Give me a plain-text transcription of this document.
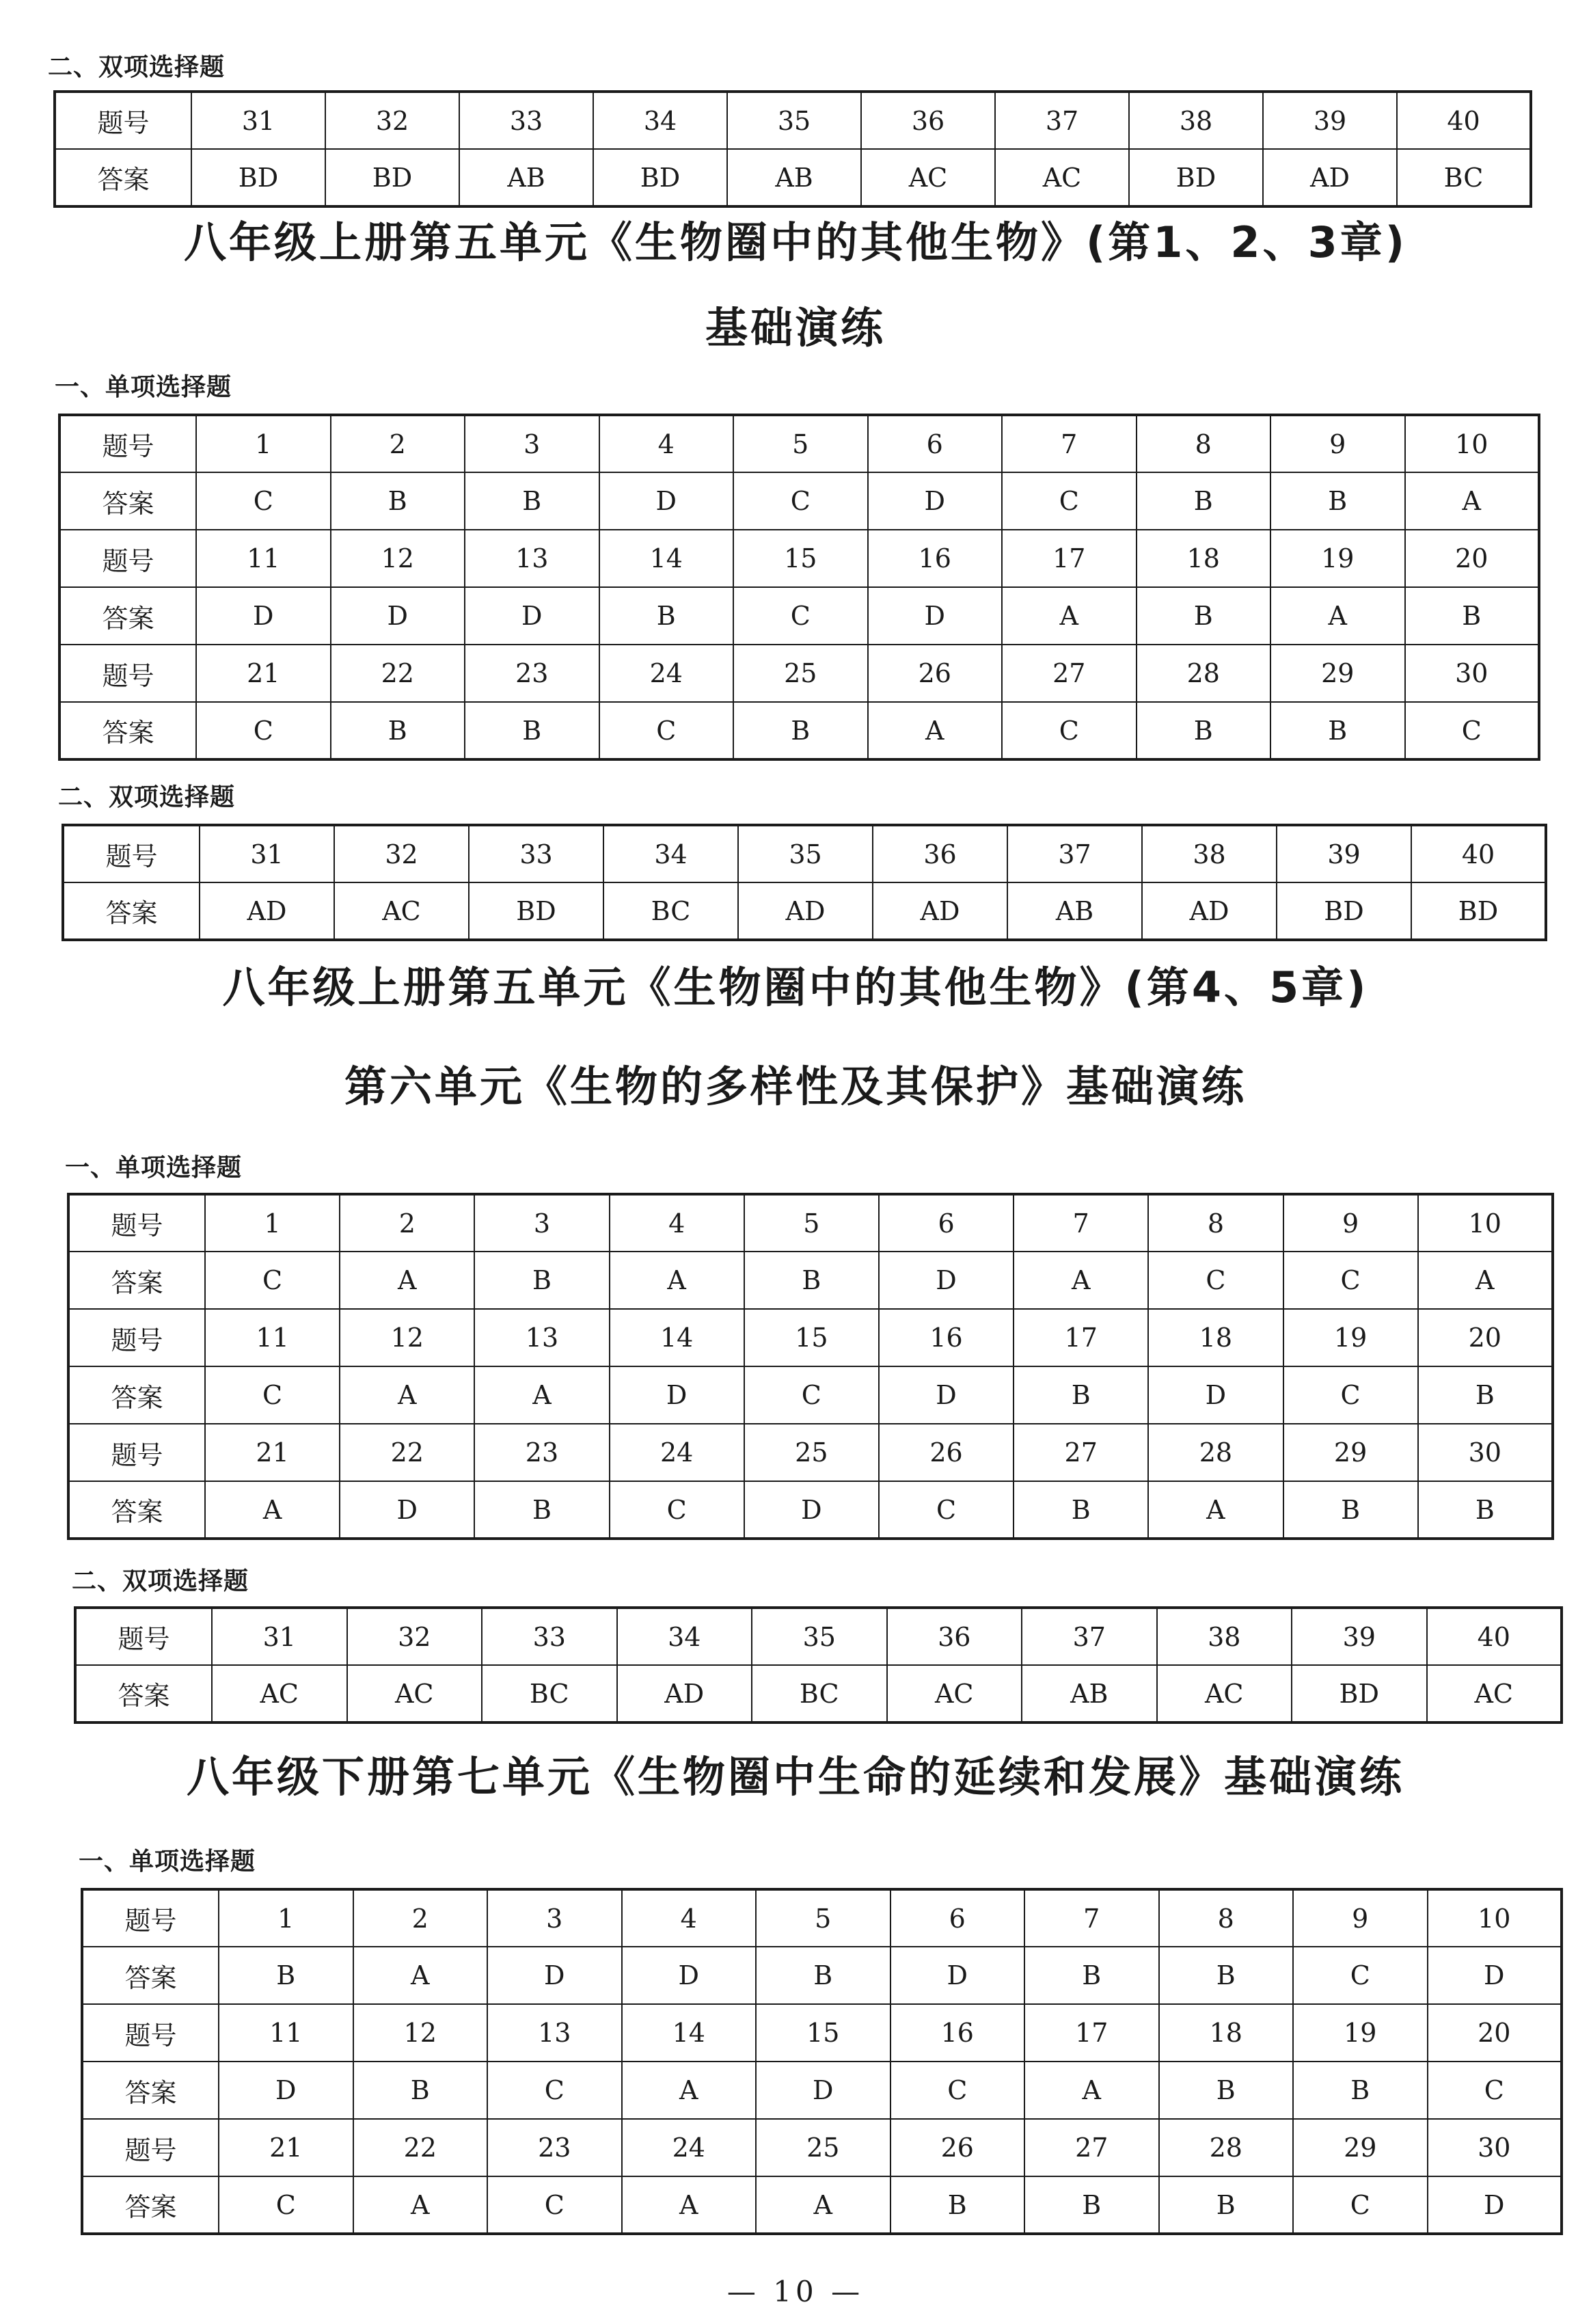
二、双项选择题
题号	31	32	33	34	35	36	37	38	39	40
答案	BD	BD	AB	BD	AB	AC	AC	BD	AD	BC
八年级上册第五单元《生物圈中的其他生物》(第1、2、3章)
基础演练
一、单项选择题
题号	1	2	3	4	5	6	7	8	9	10
答案	C	B	B	D	C	D	C	B	B	A
题号	11	12	13	14	15	16	17	18	19	20
答案	D	D	D	B	C	D	A	B	A	B
题号	21	22	23	24	25	26	27	28	29	30
答案	C	B	B	C	B	A	C	B	B	C
二、双项选择题
题号	31	32	33	34	35	36	37	38	39	40
答案	AD	AC	BD	BC	AD	AD	AB	AD	BD	BD
八年级上册第五单元《生物圈中的其他生物》(第4、5章)
第六单元《生物的多样性及其保护》基础演练
一、单项选择题
题号	1	2	3	4	5	6	7	8	9	10
答案	C	A	B	A	B	D	A	C	C	A
题号	11	12	13	14	15	16	17	18	19	20
答案	C	A	A	D	C	D	B	D	C	B
题号	21	22	23	24	25	26	27	28	29	30
答案	A	D	B	C	D	C	B	A	B	B
二、双项选择题
题号	31	32	33	34	35	36	37	38	39	40
答案	AC	AC	BC	AD	BC	AC	AB	AC	BD	AC
八年级下册第七单元《生物圈中生命的延续和发展》基础演练
一、单项选择题
题号	1	2	3	4	5	6	7	8	9	10
答案	B	A	D	D	B	D	B	B	C	D
题号	11	12	13	14	15	16	17	18	19	20
答案	D	B	C	A	D	C	A	B	B	C
题号	21	22	23	24	25	26	27	28	29	30
答案	C	A	C	A	A	B	B	B	C	D
— 10 —
